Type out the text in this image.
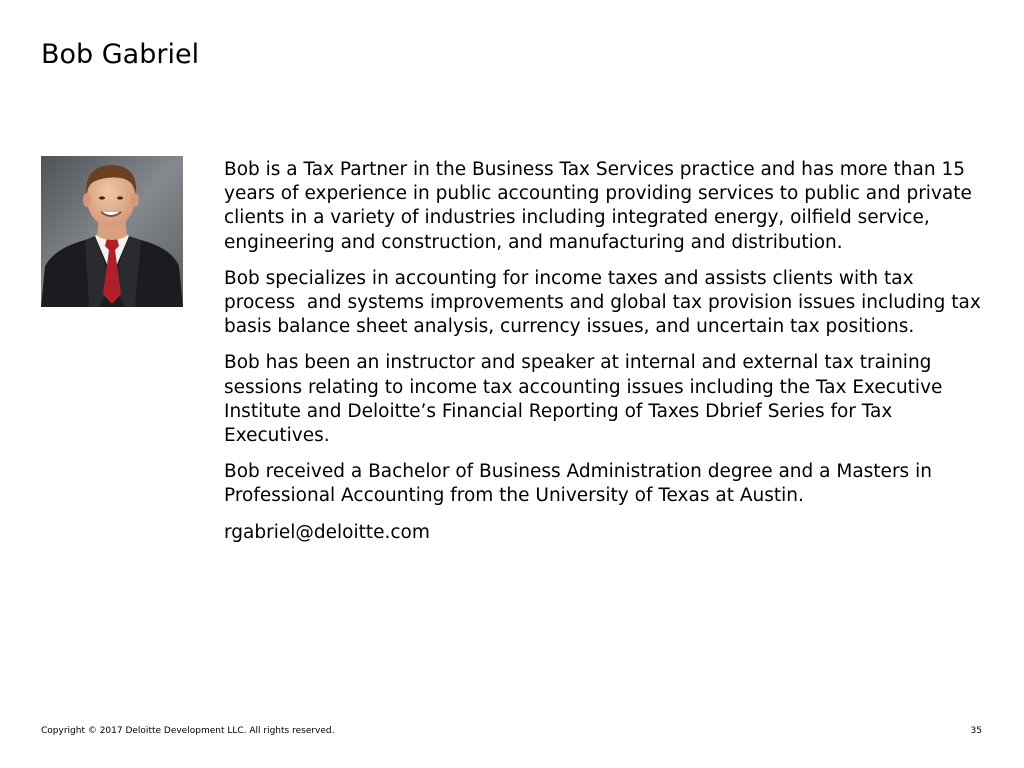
Bob Gabriel

Bob is a Tax Partner in the Business Tax Services practice and has more than 15 years of experience in public accounting providing services to public and private clients in a variety of industries including integrated energy, oilfield service, engineering and construction, and manufacturing and distribution.

Bob specializes in accounting for income taxes and assists clients with tax process  and systems improvements and global tax provision issues including tax basis balance sheet analysis, currency issues, and uncertain tax positions.

Bob has been an instructor and speaker at internal and external tax training sessions relating to income tax accounting issues including the Tax Executive Institute and Deloitte’s Financial Reporting of Taxes Dbrief Series for Tax Executives.

Bob received a Bachelor of Business Administration degree and a Masters in Professional Accounting from the University of Texas at Austin.

rgabriel@deloitte.com

Copyright © 2017 Deloitte Development LLC. All rights reserved.	35
